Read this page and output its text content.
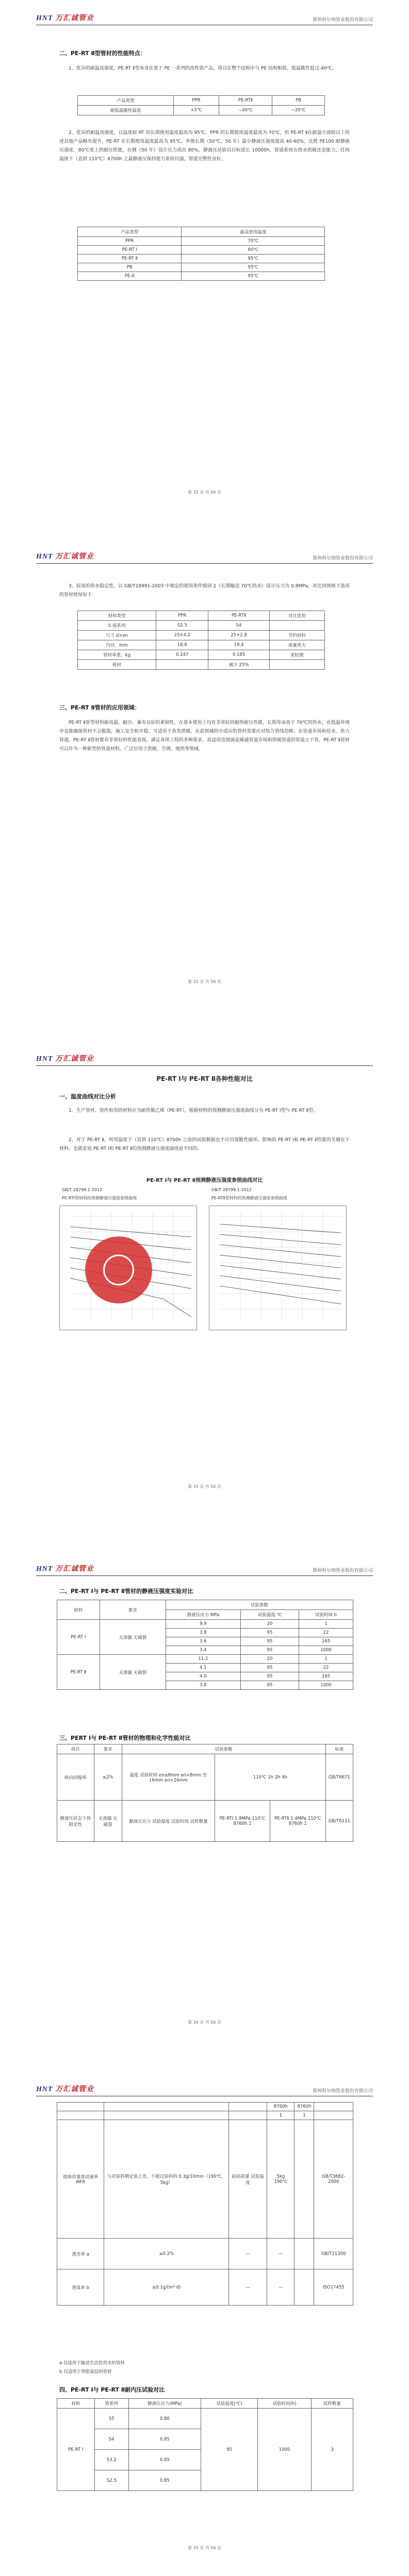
HNT 万汇诚管业	郑州科尔纳管业股份有限公司
二、PE-RT Ⅱ型管材的性能特点：
1、优异的耐温高强度，PE-RT Ⅱ型本身在基于 PE 一系列的改性资产品，将以在整个结构中与 PE 结构相似，低温脆性低过-40℃。
产品类型	PPR	PE-RTⅡ	PB
耐低温脆性温度	+5℃	−40℃	−20℃
2、优异的耐温高强度，以温度较 RT 的长期使用温度最高为 95℃，PPR 的长期使用温度最高为 70℃，但 PE-RT Ⅱ在耐温方面较以上所述其他产品略有提升，PE-RT 在长期使用温度最高为 95℃，外推长期（50℃，50 年）最小静液压强度提高 40-60%，比胜 PE100 耐静液压强度，80℃度上的耐压性能，在测（50 年）设计压力高出 80%，静液压试验以目标延长 10000h，管道系统在热水供暖还是能力，任何温度下（直到 110℃）8700h 之最静液压保持能力系统均强，管道完整性良好。
产品类型	最高使用温度
PPR	70℃
PE-RT Ⅰ	60℃
PE-RT Ⅱ	95℃
PB	95℃
PE-X	95℃
第 31 页 共 56 页
HNT 万汇诚管业	郑州科尔纳管业股份有限公司
3、较高的热水稳定性，以 GB/T18991-2003 中规定的使用条件级别 2（长期输送 70℃热水）设计压力为 0.8MPa，对比同规格下选用的管材壁厚如下：
材料类型	PPR	PE-RTⅡ	对比优势
S 值系列	S2.5	S4	
尺寸 d×en	25×4.2	25×2.8	节约材料
内径，mm	16.6	19.4	流量更大
管材单重，kg	0.247	0.185	更轻便
耗材		减少 25%	
三、PE-RT Ⅱ管材的应用领域：
PE-RT Ⅱ管型材料耐高温、耐冷、兼有良好的柔韧性，在基本使用上均有非常好的耐热耐压性能，长期寿命高于 70℃的热水，在低温环境中也能确保管材不会脆裂，施工安全和平稳，可适用于各类供暖，在此领域的中适应的管材需要应对热力管线范畴。在管道市场和给水、热力管道，PE-RT Ⅱ管材都有非常好的性能表现，满足各项工程的多种需求，其适用范围涵盖暖通管道市场和供暖管道的管道主干管，PE-RT Ⅱ管材可以作为一种新型的管道材料，广泛应用于供暖、空调、地热等领域。
第 32 页 共 56 页
HNT 万汇诚管业
PE-RT Ⅰ与 PE-RT Ⅱ各种性能对比
一、温度曲线对比分析
1、生产管材，管件和用的材料应为耐热聚乙烯（PE-RT），根据材料的预测静液压强度曲线分为 PE-RT Ⅰ型与 PE-RT Ⅱ型。
2、对于 PE-RT Ⅱ，所用温度下（直到 110℃）8700h 之前的试验数据也不应出现脆性破坏。影响到 PE-RT Ⅰ和 PE-RT Ⅱ性能的关键在于材料，也就是说 PE-RT Ⅰ和 PE-RT Ⅱ的预测静液压强度曲线是不同的。
PE-RT Ⅰ与 PE-RT Ⅱ预测静液压强度参照曲线对比
GB/T 28799.1-2012
PE-RTⅠ型材料的预测静液压强度参照曲线
GB/T 28799.1-2012
PE-RTⅡ型材料的预测静液压强度参照曲线
第 33 页 共 56 页
HNT 万汇诚管业	郑州科尔纳管业股份有限公司
二、PE-RT Ⅰ与 PE-RT Ⅱ管材的静液压强度实验对比
材料	要求	试验参数		
		静液压应力 MPa	试验温度 ℃	试验时间 h
PE-RT Ⅰ	无渗漏 无破裂	9.9	20	1
		3.8	95	22
		3.6	95	165
		3.4	95	1000
PE-RT Ⅱ	无渗漏 无破裂	11.2	20	1
		4.1	95	22
		4.0	95	165
		3.8	95	1000
三、PERT Ⅰ与 PE-RT Ⅱ管材的物理和化学性能对比
项目	要求	试验参数			标准
纵向回缩率	≤2%	温度 试验时间 en≤8mm en>8mm 至 16mm en>16mm	110℃ 1h 2h 4h		GB/T6671
静液压状态下热稳定性	无渗漏 无破裂	静液压应力 试验温度 试验时间 试样数量	PE-RTⅠ 1.9MPa 110℃ 8760h 1	PE-RTⅡ 2.4MPa 110℃ 8760h 1	GB/T6111
第 34 页 共 56 页
HNT 万汇诚管业	郑州科尔纳管业股份有限公司
			8760h	8760h	
			1	1	
熔体质量流动速率 MFR	与对原料测定值之差，不超过原料的 0.3g/10min（190℃，5kg）	砝码质量 试验温度	5kg 190℃		GB/T3682-2000
透光率 a	≤0.2%	—	—		GB/T21300
透氧率 b	≤0.1g/(m³·d)	—	—		ISO17455
a 仅适用于输送生活饮用水的管材
b 仅适用于带阻氧层的管材
四、PE-RT Ⅰ与 PE-RT Ⅱ耐内压试验对比
材料	管系列	静液压应力(MPa)	试验温度(℃)	试验时间(h)	试样数量
PE-RT Ⅰ	S5	0.80	95	1000	3
	S4	0.85			
	S3.2	0.65			
	S2.5	0.85			
第 35 页 共 56 页
